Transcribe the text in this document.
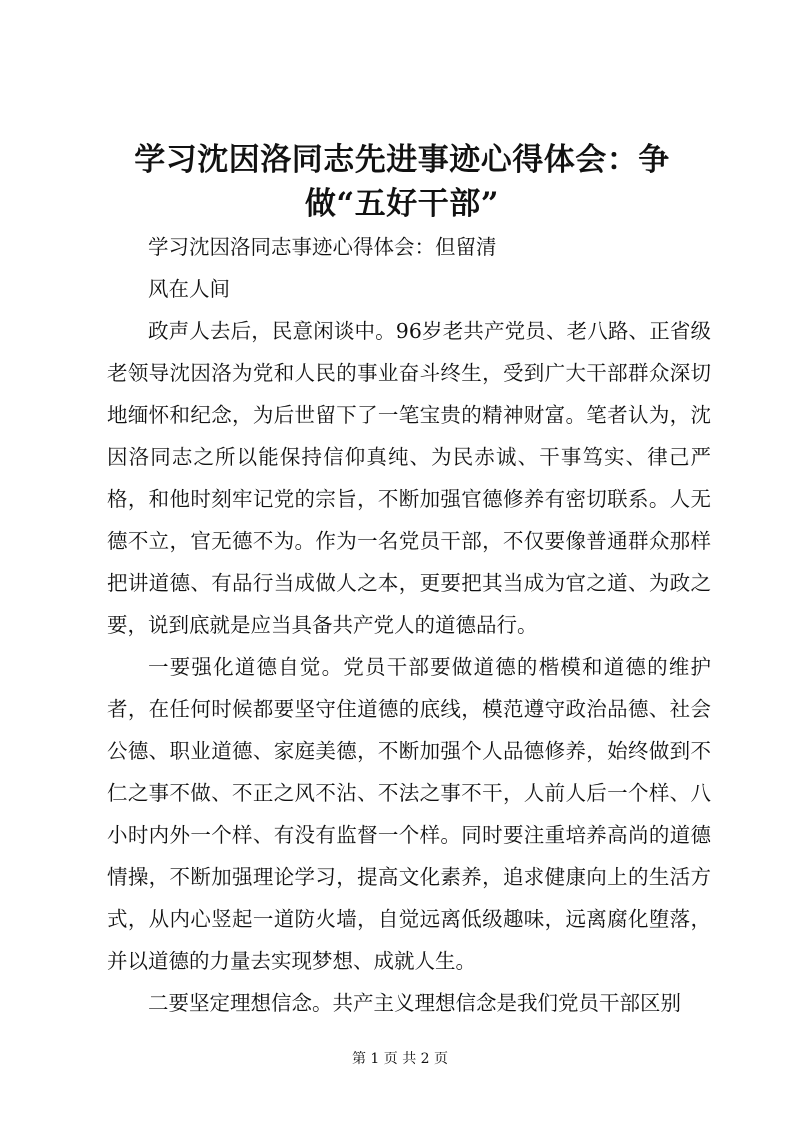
学习沈因洛同志先进事迹心得体会：争做“五好干部”

学习沈因洛同志事迹心得体会：但留清

风在人间

政声人去后，民意闲谈中。96岁老共产党员、老八路、正省级老领导沈因洛为党和人民的事业奋斗终生，受到广大干部群众深切地缅怀和纪念，为后世留下了一笔宝贵的精神财富。笔者认为，沈因洛同志之所以能保持信仰真纯、为民赤诚、干事笃实、律己严格，和他时刻牢记党的宗旨，不断加强官德修养有密切联系。人无德不立，官无德不为。作为一名党员干部，不仅要像普通群众那样把讲道德、有品行当成做人之本，更要把其当成为官之道、为政之要，说到底就是应当具备共产党人的道德品行。

一要强化道德自觉。党员干部要做道德的楷模和道德的维护者，在任何时候都要坚守住道德的底线，模范遵守政治品德、社会公德、职业道德、家庭美德，不断加强个人品德修养，始终做到不仁之事不做、不正之风不沾、不法之事不干，人前人后一个样、八小时内外一个样、有没有监督一个样。同时要注重培养高尚的道德情操，不断加强理论学习，提高文化素养，追求健康向上的生活方式，从内心竖起一道防火墙，自觉远离低级趣味，远离腐化堕落，并以道德的力量去实现梦想、成就人生。

二要坚定理想信念。共产主义理想信念是我们党员干部区别

第 1 页 共 2 页
